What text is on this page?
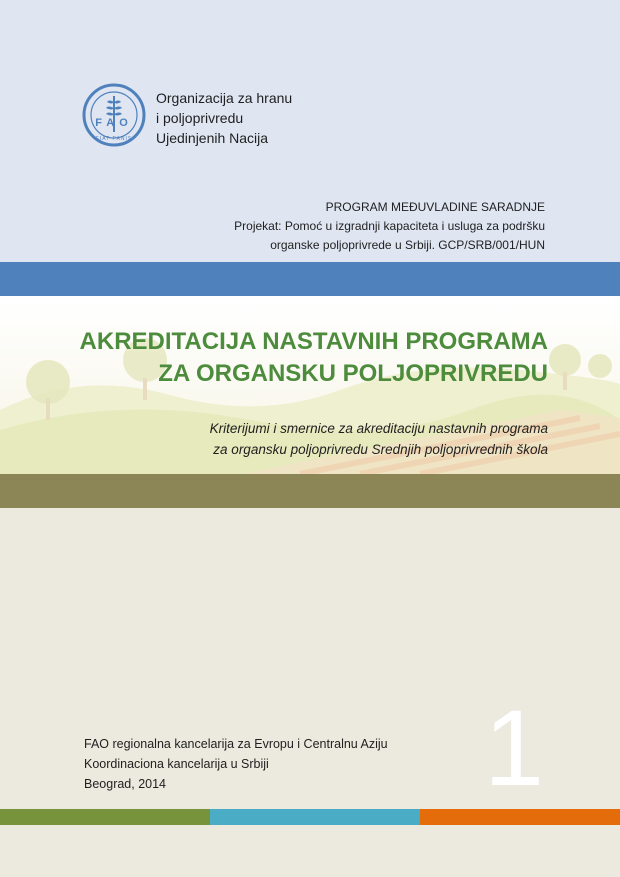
FAO
FIAT PANIS
Organizacija za hranu
i poljoprivredu
Ujedinjenih Nacija
PROGRAM MEĐUVLADINE SARADNJE
Projekat: Pomoć u izgradnji kapaciteta i usluga za podršku
organske poljoprivrede u Srbiji. GCP/SRB/001/HUN
AKREDITACIJA NASTAVNIH PROGRAMA
ZA ORGANSKU POLJOPRIVREDU
Kriterijumi i smernice za akreditaciju nastavnih programa
za organsku poljoprivredu Srednjih poljoprivrednih škola
FAO regionalna kancelarija za Evropu i Centralnu Aziju
Koordinaciona kancelarija u Srbiji
Beograd, 2014	1
